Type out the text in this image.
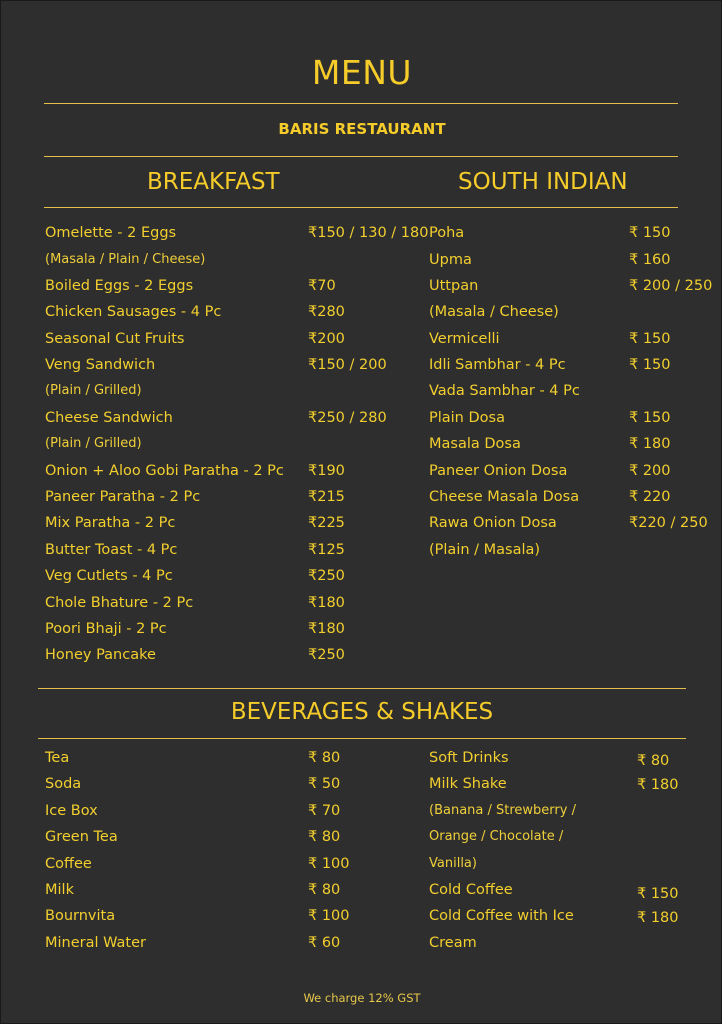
MENU
BARIS RESTAURANT
BREAKFAST	SOUTH INDIAN
Omelette - 2 Eggs	₹150 / 130 / 180
(Masala / Plain / Cheese)
Boiled Eggs - 2 Eggs	₹70
Chicken Sausages - 4 Pc	₹280
Seasonal Cut Fruits	₹200
Veng Sandwich	₹150 / 200
(Plain / Grilled)
Cheese Sandwich	₹250 / 280
(Plain / Grilled)
Onion + Aloo Gobi Paratha - 2 Pc ₹190
Paneer Paratha - 2 Pc	₹215
Mix Paratha - 2 Pc	₹225
Butter Toast - 4 Pc	₹125
Veg Cutlets - 4 Pc	₹250
Chole Bhature - 2 Pc	₹180
Poori Bhaji - 2 Pc	₹180
Honey Pancake	₹250
Poha	₹ 150
Upma	₹ 160
Uttpan	₹ 200 / 250
(Masala / Cheese)
Vermicelli	₹ 150
Idli Sambhar - 4 Pc	₹ 150
Vada Sambhar - 4 Pc
Plain Dosa	₹ 150
Masala Dosa	₹ 180
Paneer Onion Dosa	₹ 200
Cheese Masala Dosa	₹ 220
Rawa Onion Dosa	₹220 / 250
(Plain / Masala)
BEVERAGES & SHAKES
Tea	₹ 80
Soda	₹ 50
Ice Box	₹ 70
Green Tea	₹ 80
Coffee	₹ 100
Milk	₹ 80
Bournvita	₹ 100
Mineral Water	₹ 60
Soft Drinks	₹ 80
Milk Shake	₹ 180
(Banana / Strewberry /
Orange / Chocolate /
Vanilla)
Cold Coffee	₹ 150
Cold Coffee with Ice	₹ 180
Cream
We charge 12% GST
